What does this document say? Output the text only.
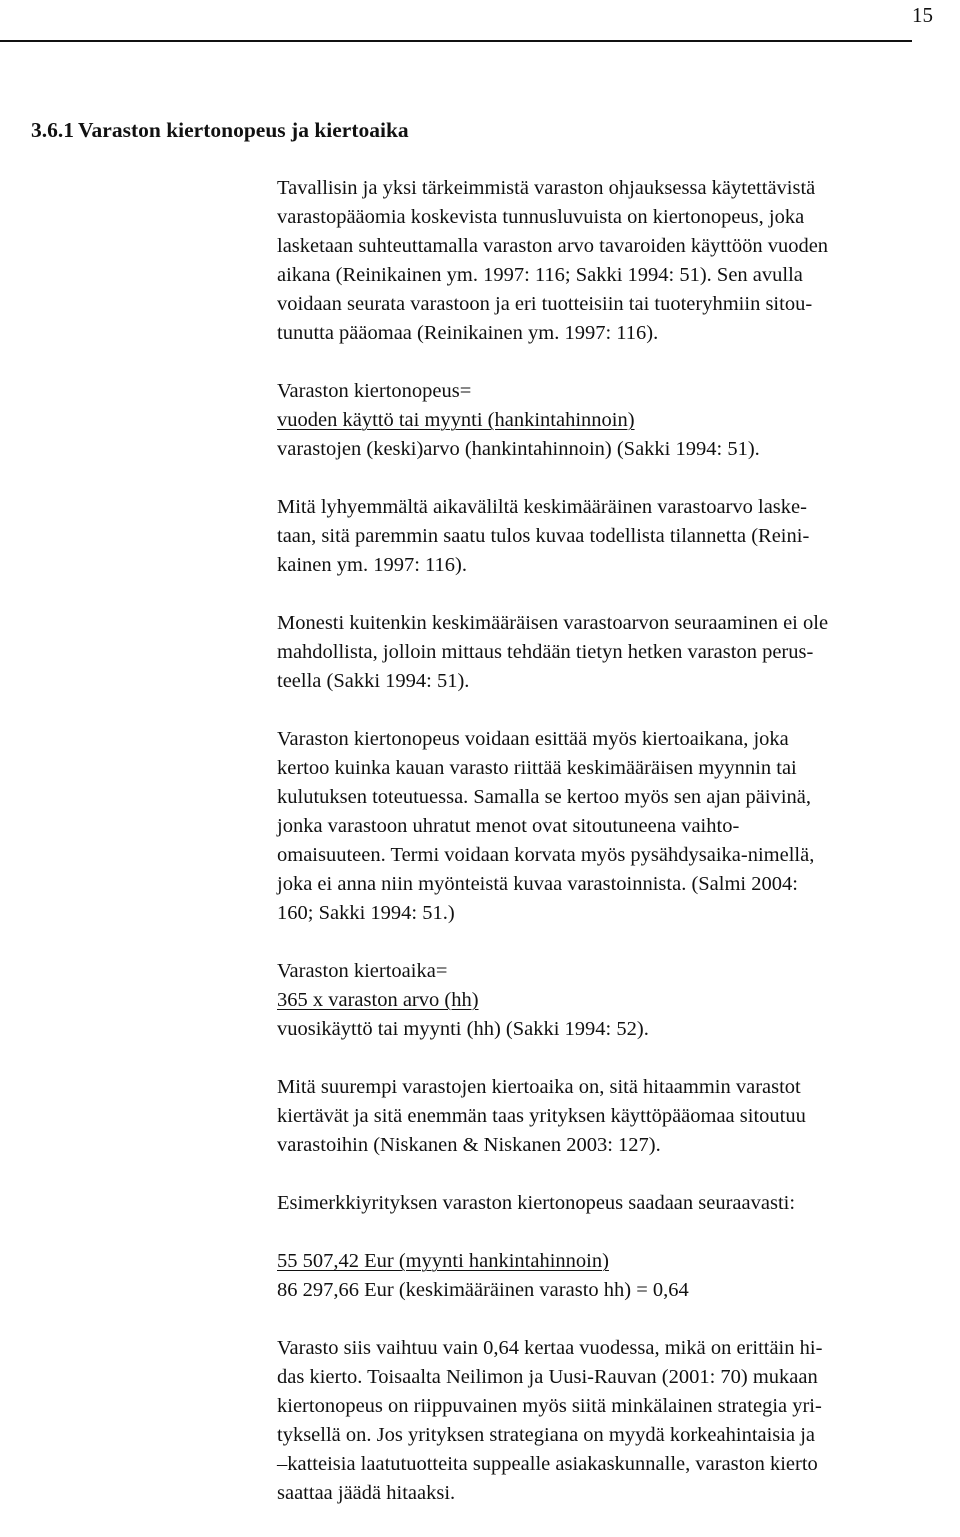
15
3.6.1 Varaston kiertonopeus ja kiertoaika

Tavallisin ja yksi tärkeimmistä varaston ohjauksessa käytettävistä
varastopääomia koskevista tunnusluvuista on kiertonopeus, joka
lasketaan suhteuttamalla varaston arvo tavaroiden käyttöön vuoden
aikana (Reinikainen ym. 1997: 116; Sakki 1994: 51). Sen avulla
voidaan seurata varastoon ja eri tuotteisiin tai tuoteryhmiin sitou-
tunutta pääomaa (Reinikainen ym. 1997: 116).

Varaston kiertonopeus=
vuoden käyttö tai myynti (hankintahinnoin)
varastojen (keski)arvo (hankintahinnoin) (Sakki 1994: 51).

Mitä lyhyemmältä aikaväliltä keskimääräinen varastoarvo laske-
taan, sitä paremmin saatu tulos kuvaa todellista tilannetta (Reini-
kainen ym. 1997: 116).

Monesti kuitenkin keskimääräisen varastoarvon seuraaminen ei ole
mahdollista, jolloin mittaus tehdään tietyn hetken varaston perus-
teella (Sakki 1994: 51).

Varaston kiertonopeus voidaan esittää myös kiertoaikana, joka
kertoo kuinka kauan varasto riittää keskimääräisen myynnin tai
kulutuksen toteutuessa. Samalla se kertoo myös sen ajan päivinä,
jonka varastoon uhratut menot ovat sitoutuneena vaihto-
omaisuuteen. Termi voidaan korvata myös pysähdysaika-nimellä,
joka ei anna niin myönteistä kuvaa varastoinnista. (Salmi 2004:
160; Sakki 1994: 51.)

Varaston kiertoaika=
365 x varaston arvo (hh)
vuosikäyttö tai myynti (hh) (Sakki 1994: 52).

Mitä suurempi varastojen kiertoaika on, sitä hitaammin varastot
kiertävät ja sitä enemmän taas yrityksen käyttöpääomaa sitoutuu
varastoihin (Niskanen & Niskanen 2003: 127).

Esimerkkiyrityksen varaston kiertonopeus saadaan seuraavasti:

55 507,42 Eur (myynti hankintahinnoin)
86 297,66 Eur (keskimääräinen varasto hh) = 0,64

Varasto siis vaihtuu vain 0,64 kertaa vuodessa, mikä on erittäin hi-
das kierto. Toisaalta Neilimon ja Uusi-Rauvan (2001: 70) mukaan
kiertonopeus on riippuvainen myös siitä minkälainen strategia yri-
tyksellä on. Jos yrityksen strategiana on myydä korkeahintaisia ja
–katteisia laatutuotteita suppealle asiakaskunnalle, varaston kierto
saattaa jäädä hitaaksi.
